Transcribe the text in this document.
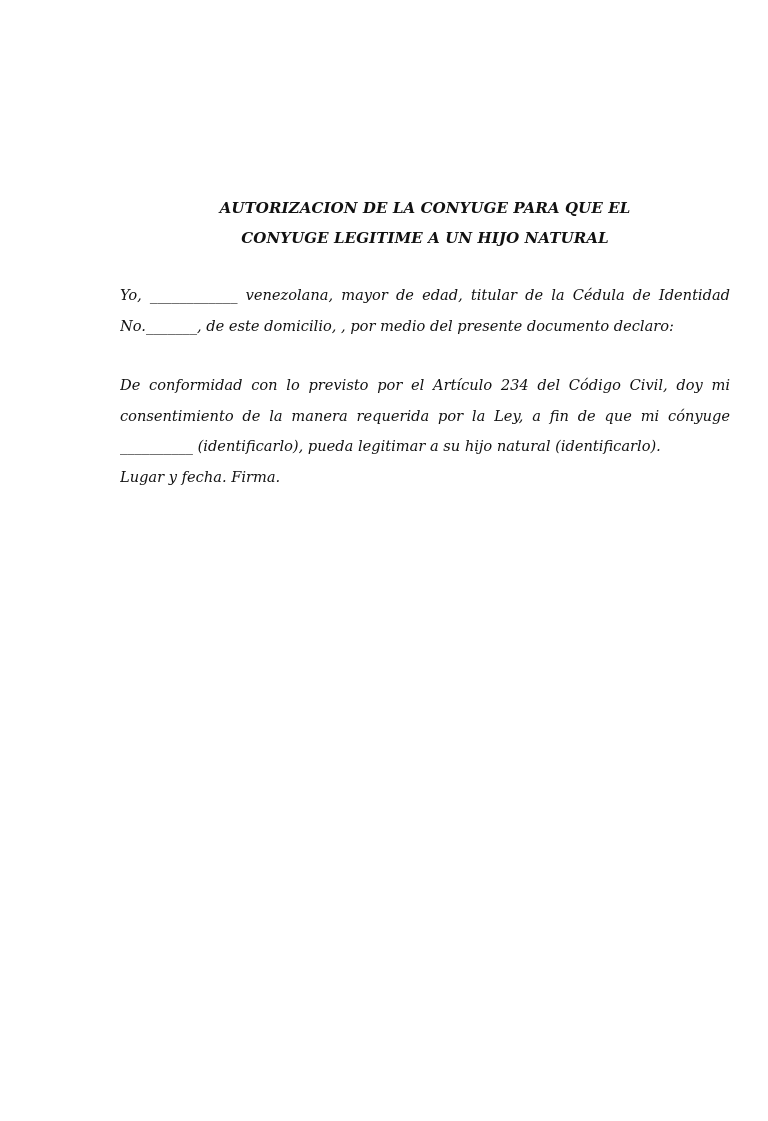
AUTORIZACION DE LA CONYUGE PARA QUE EL
CONYUGE LEGITIME A UN HIJO NATURAL
Yo, ____________ venezolana, mayor de edad, titular de la Cédula de Identidad
No._______, de este domicilio, , por medio del presente documento declaro:
De conformidad con lo previsto por el Artículo 234 del Código Civil, doy mi
consentimiento de la manera requerida por la Ley, a fin de que mi cónyuge
__________ (identificarlo), pueda legitimar a su hijo natural (identificarlo).
Lugar y fecha. Firma.
